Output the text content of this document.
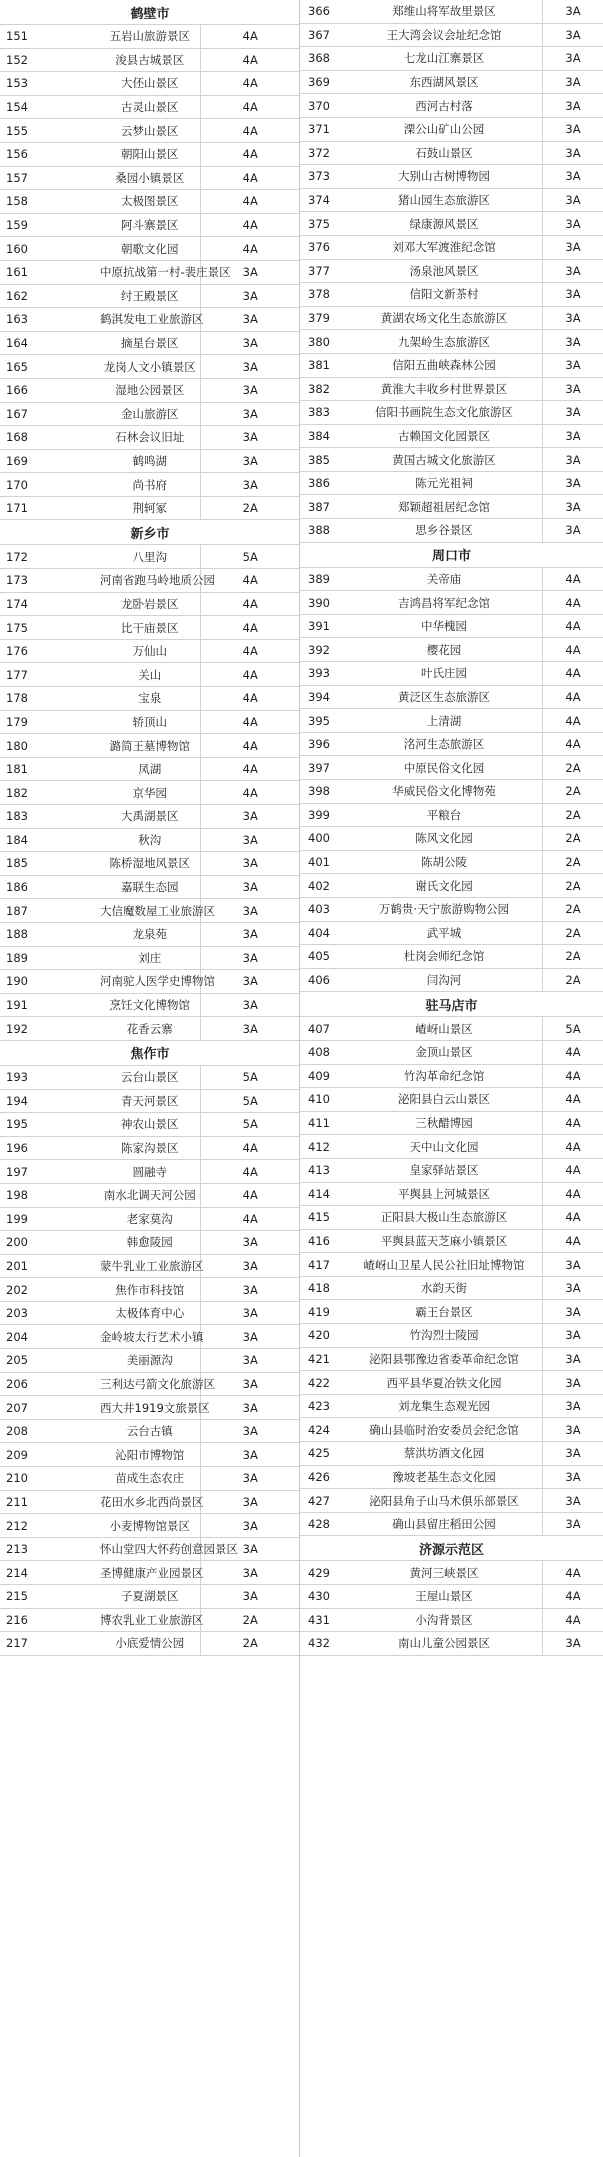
鹤壁市		
151	五岩山旅游景区	4A
152	浚县古城景区	4A
153	大伾山景区	4A
154	古灵山景区	4A
155	云梦山景区	4A
156	朝阳山景区	4A
157	桑园小镇景区	4A
158	太极图景区	4A
159	阿斗寨景区	4A
160	朝歌文化园	4A
161	中原抗战第一村-裴庄景区	3A
162	纣王殿景区	3A
163	鹤淇发电工业旅游区	3A
164	摘星台景区	3A
165	龙岗人文小镇景区	3A
166	湿地公园景区	3A
167	金山旅游区	3A
168	石林会议旧址	3A
169	鹤鸣湖	3A
170	尚书府	3A
171	荆轲冢	2A
新乡市		
172	八里沟	5A
173	河南省跑马岭地质公园	4A
174	龙卧岩景区	4A
175	比干庙景区	4A
176	万仙山	4A
177	关山	4A
178	宝泉	4A
179	轿顶山	4A
180	潞简王墓博物馆	4A
181	凤湖	4A
182	京华园	4A
183	大禹湖景区	3A
184	秋沟	3A
185	陈桥湿地风景区	3A
186	嘉联生态园	3A
187	大信魔数屋工业旅游区	3A
188	龙泉苑	3A
189	刘庄	3A
190	河南驼人医学史博物馆	3A
191	烹饪文化博物馆	3A
192	花香云寨	3A
焦作市		
193	云台山景区	5A
194	青天河景区	5A
195	神农山景区	5A
196	陈家沟景区	4A
197	圆融寺	4A
198	南水北调天河公园	4A
199	老家莫沟	4A
200	韩愈陵园	3A
201	蒙牛乳业工业旅游区	3A
202	焦作市科技馆	3A
203	太极体育中心	3A
204	金岭坡太行艺术小镇	3A
205	美丽源沟	3A
206	三利达弓箭文化旅游区	3A
207	西大井1919文旅景区	3A
208	云台古镇	3A
209	沁阳市博物馆	3A
210	苗成生态农庄	3A
211	花田水乡北西尚景区	3A
212	小麦博物馆景区	3A
213	怀山堂四大怀药创意园景区	3A
214	圣博健康产业园景区	3A
215	子夏湖景区	3A
216	博农乳业工业旅游区	2A
217	小底爱情公园	2A
366	郑维山将军故里景区	3A
367	王大湾会议会址纪念馆	3A
368	七龙山江寨景区	3A
369	东西湖风景区	3A
370	西河古村落	3A
371	溧公山矿山公园	3A
372	石鼓山景区	3A
373	大别山古树博物园	3A
374	猪山园生态旅游区	3A
375	绿康源风景区	3A
376	刘邓大军渡淮纪念馆	3A
377	汤泉池风景区	3A
378	信阳文新茶村	3A
379	黄湖农场文化生态旅游区	3A
380	九架岭生态旅游区	3A
381	信阳五曲峡森林公园	3A
382	黄淮大丰收乡村世界景区	3A
383	信阳书画院生态文化旅游区	3A
384	古赖国文化园景区	3A
385	黄国古城文化旅游区	3A
386	陈元光祖祠	3A
387	郑颖超祖居纪念馆	3A
388	思乡谷景区	3A
周口市		
389	关帝庙	4A
390	吉鸿昌将军纪念馆	4A
391	中华槐园	4A
392	樱花园	4A
393	叶氏庄园	4A
394	黄泛区生态旅游区	4A
395	上清湖	4A
396	洺河生态旅游区	4A
397	中原民俗文化园	2A
398	华威民俗文化博物苑	2A
399	平粮台	2A
400	陈风文化园	2A
401	陈胡公陵	2A
402	谢氏文化园	2A
403	万鹤贵·天宁旅游购物公园	2A
404	武平城	2A
405	杜岗会师纪念馆	2A
406	闫沟河	2A
驻马店市		
407	嵖岈山景区	5A
408	金顶山景区	4A
409	竹沟革命纪念馆	4A
410	泌阳县白云山景区	4A
411	三秋醋博园	4A
412	天中山文化园	4A
413	皇家驿站景区	4A
414	平舆县上河城景区	4A
415	正阳县大极山生态旅游区	4A
416	平舆县蓝天芝麻小镇景区	4A
417	嵖岈山卫星人民公社旧址博物馆	3A
418	水韵天街	3A
419	霸王台景区	3A
420	竹沟烈士陵园	3A
421	泌阳县鄂豫边省委革命纪念馆	3A
422	西平县华夏冶铁文化园	3A
423	刘龙集生态观光园	3A
424	确山县临时治安委员会纪念馆	3A
425	蔡洪坊酒文化园	3A
426	豫坡老基生态文化园	3A
427	泌阳县角子山马术俱乐部景区	3A
428	确山县留庄稻田公园	3A
济源示范区		
429	黄河三峡景区	4A
430	王屋山景区	4A
431	小沟背景区	4A
432	南山儿童公园景区	3A
